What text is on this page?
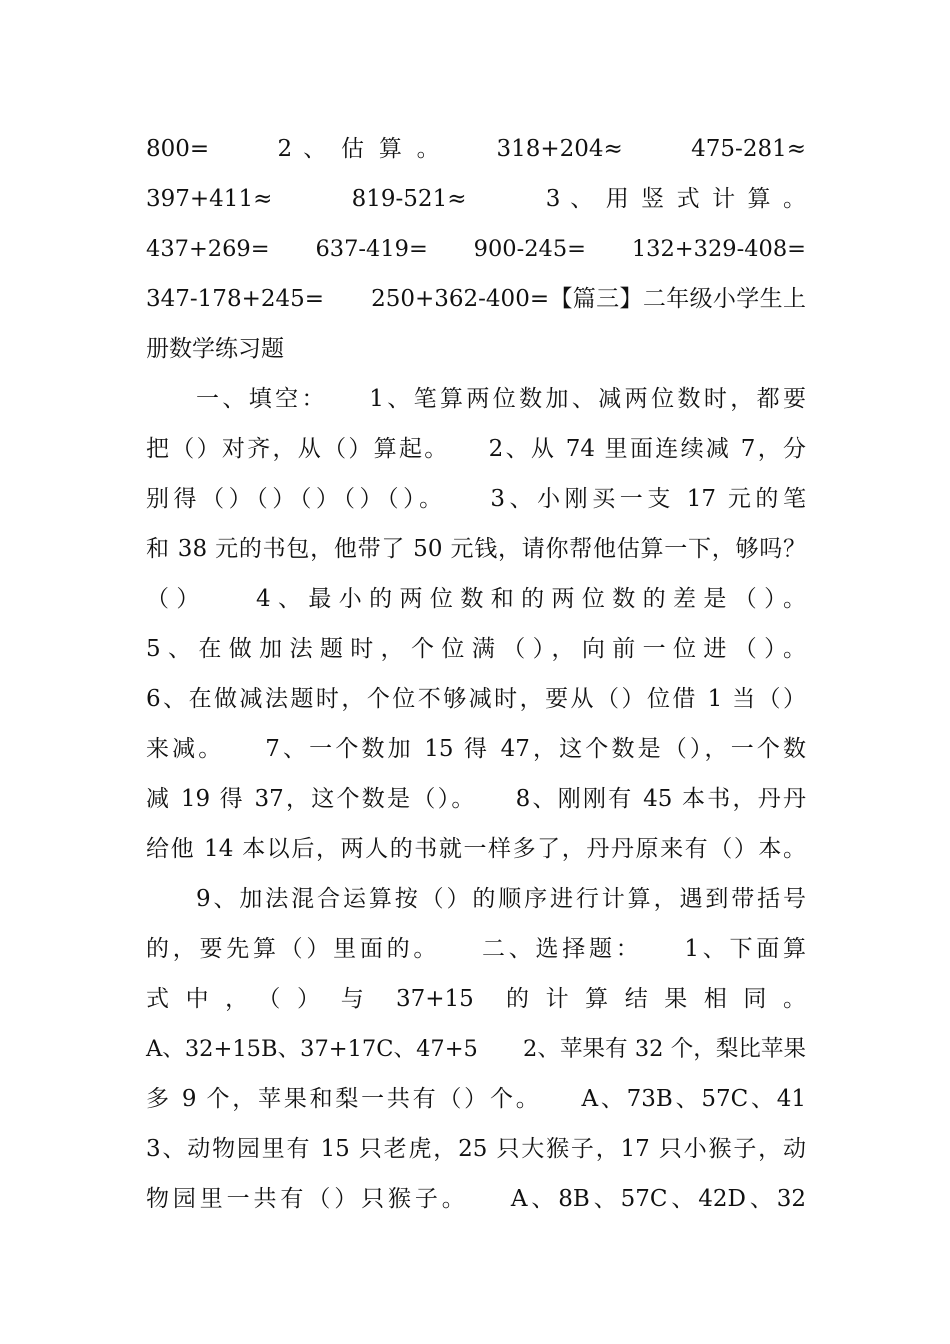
800=　　 2 、 估 算 。　　 318+204≈　　 475-281≈
397+411≈　　　819-521≈　　　3 、 用 竖 式 计 算 。
437+269=　　637-419=　　900-245=　　132+329-408=
347-178+245=　　250+362-400=【篇三】二年级小学生上
册数学练习题
一、填空：　　1、笔算两位数加、减两位数时，都要
把（）对齐，从（）算起。　　2、从 74 里面连续减 7，分
别得（）（）（）（）（）。　　3、小刚买一支 17 元的笔
和 38 元的书包，他带了 50 元钱，请你帮他估算一下，够吗？
（）　　4、最小的两位数和的两位数的差是（）。
5、在做加法题时，个位满（），向前一位进（）。
6、在做减法题时，个位不够减时，要从（）位借 1 当（）
来减。　　7、一个数加 15 得 47，这个数是（），一个数
减 19 得 37，这个数是（）。　　8、刚刚有 45 本书，丹丹
给他 14 本以后，两人的书就一样多了，丹丹原来有（）本。
9、加法混合运算按（）的顺序进行计算，遇到带括号
的，要先算（）里面的。　　二、选择题：　　1、下面算
式 中 ，　（ ）　与　37+15　的 计 算 结 果 相 同 。
A、32+15B、37+17C、47+5　　2、苹果有 32 个，梨比苹果
多 9 个，苹果和梨一共有（）个。　　A、73B、57C、41
3、动物园里有 15 只老虎，25 只大猴子，17 只小猴子，动
物园里一共有（）只猴子。　　A、8B、57C、42D、32
